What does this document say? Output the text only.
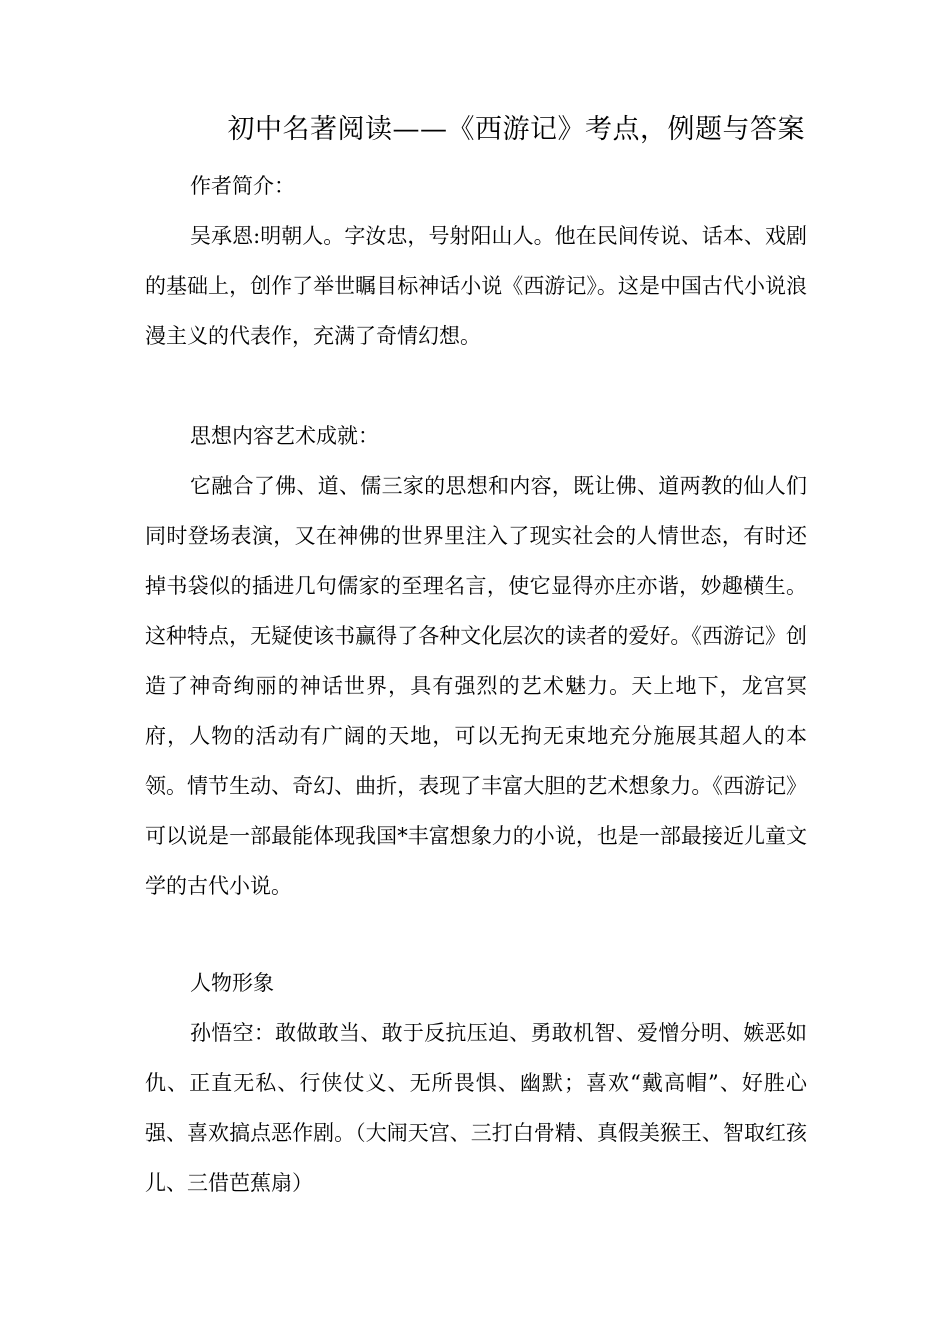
初中名著阅读——《西游记》考点，例题与答案
作者简介：
吴承恩:明朝人。字汝忠，号射阳山人。他在民间传说、话本、戏剧的基础上，创作了举世瞩目标神话小说《西游记》。这是中国古代小说浪漫主义的代表作，充满了奇情幻想。
思想内容艺术成就：
它融合了佛、道、儒三家的思想和内容，既让佛、道两教的仙人们同时登场表演，又在神佛的世界里注入了现实社会的人情世态，有时还掉书袋似的插进几句儒家的至理名言，使它显得亦庄亦谐，妙趣横生。这种特点，无疑使该书赢得了各种文化层次的读者的爱好。《西游记》创造了神奇绚丽的神话世界，具有强烈的艺术魅力。天上地下，龙宫冥府，人物的活动有广阔的天地，可以无拘无束地充分施展其超人的本领。情节生动、奇幻、曲折，表现了丰富大胆的艺术想象力。《西游记》可以说是一部最能体现我国*丰富想象力的小说，也是一部最接近儿童文学的古代小说。
人物形象
孙悟空：敢做敢当、敢于反抗压迫、勇敢机智、爱憎分明、嫉恶如仇、正直无私、行侠仗义、无所畏惧、幽默；喜欢“戴高帽”、好胜心强、喜欢搞点恶作剧。（大闹天宫、三打白骨精、真假美猴王、智取红孩儿、三借芭蕉扇）
